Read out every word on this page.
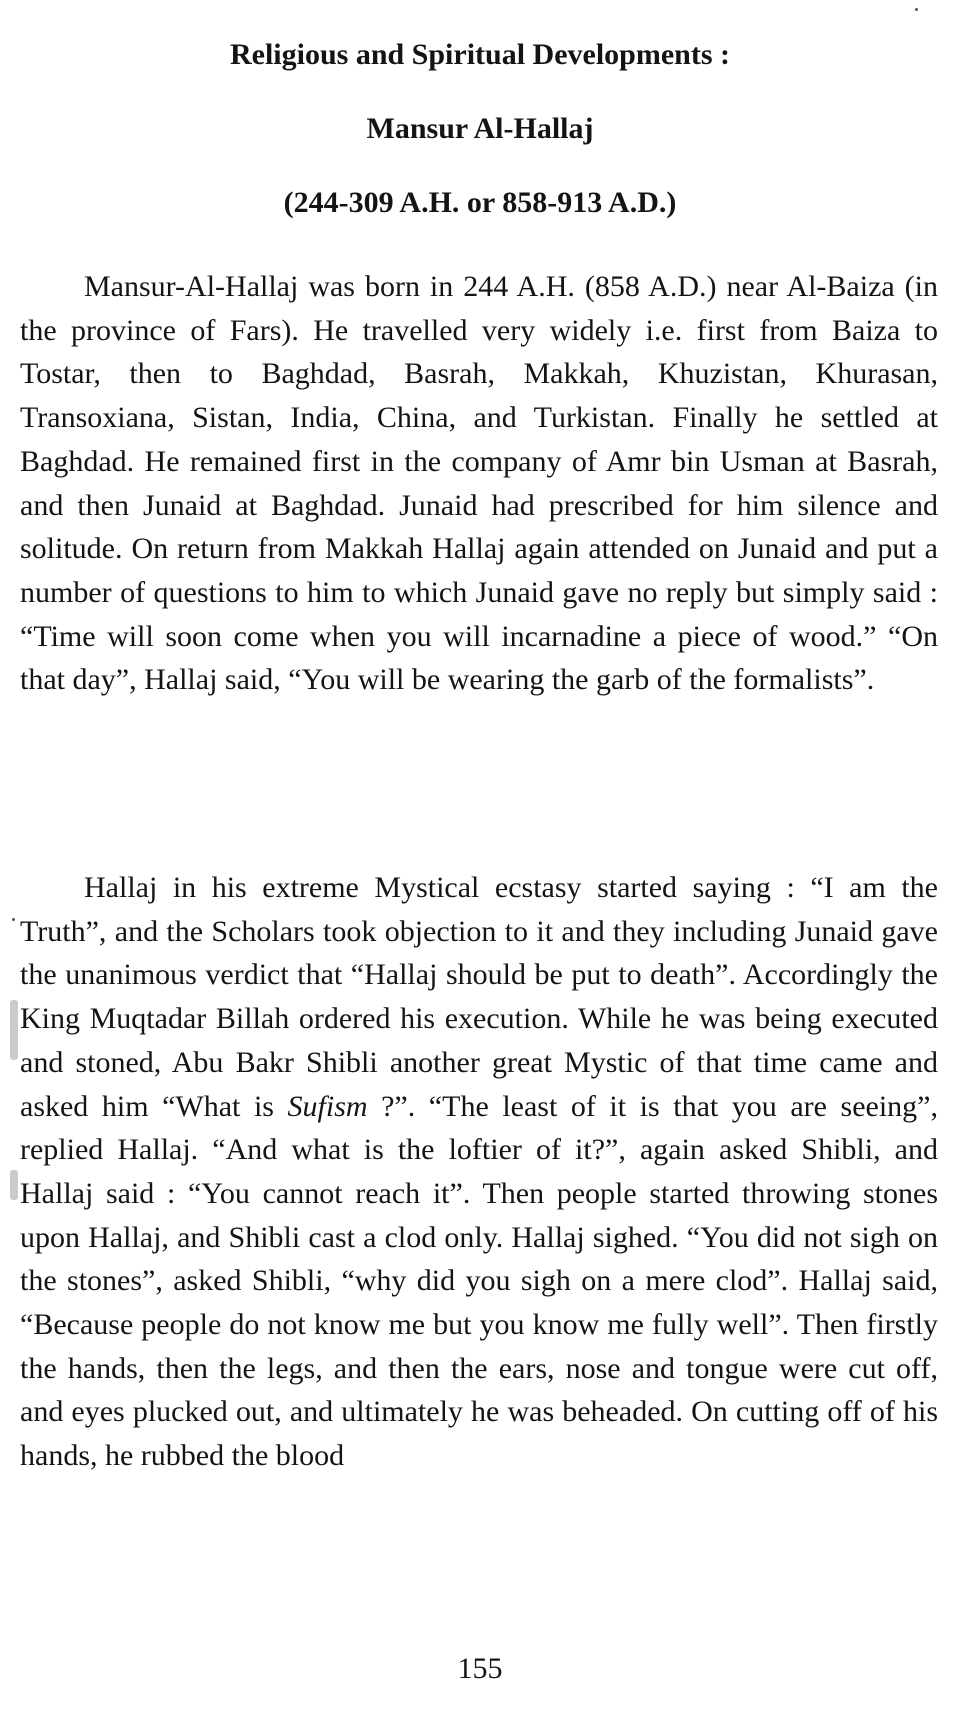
Religious and Spiritual Developments :
Mansur Al-Hallaj
(244-309 A.H. or 858-913 A.D.)

Mansur-Al-Hallaj was born in 244 A.H. (858 A.D.) near Al-Baiza (in the province of Fars). He travelled very widely i.e. first from Baiza to Tostar, then to Baghdad, Basrah, Makkah, Khuzistan, Khurasan, Transoxiana, Sistan, India, China, and Turkistan. Finally he settled at Baghdad. He remained first in the company of Amr bin Usman at Basrah, and then Junaid at Baghdad. Junaid had prescribed for him silence and solitude. On return from Makkah Hallaj again attended on Junaid and put a number of questions to him to which Junaid gave no reply but simply said : “Time will soon come when you will incarnadine a piece of wood.” “On that day”, Hallaj said, “You will be wearing the garb of the formalists”.

Hallaj in his extreme Mystical ecstasy started saying : “I am the Truth”, and the Scholars took objection to it and they including Junaid gave the unanimous verdict that “Hallaj should be put to death”. Accordingly the King Muqtadar Billah ordered his execution. While he was being executed and stoned, Abu Bakr Shibli another great Mystic of that time came and asked him “What is Sufism ?”. “The least of it is that you are seeing”, replied Hallaj. “And what is the loftier of it?”, again asked Shibli, and Hallaj said : “You cannot reach it”. Then people started throwing stones upon Hallaj, and Shibli cast a clod only. Hallaj sighed. “You did not sigh on the stones”, asked Shibli, “why did you sigh on a mere clod”. Hallaj said, “Because people do not know me but you know me fully well”. Then firstly the hands, then the legs, and then the ears, nose and tongue were cut off, and eyes plucked out, and ultimately he was beheaded. On cutting off of his hands, he rubbed the blood

155
